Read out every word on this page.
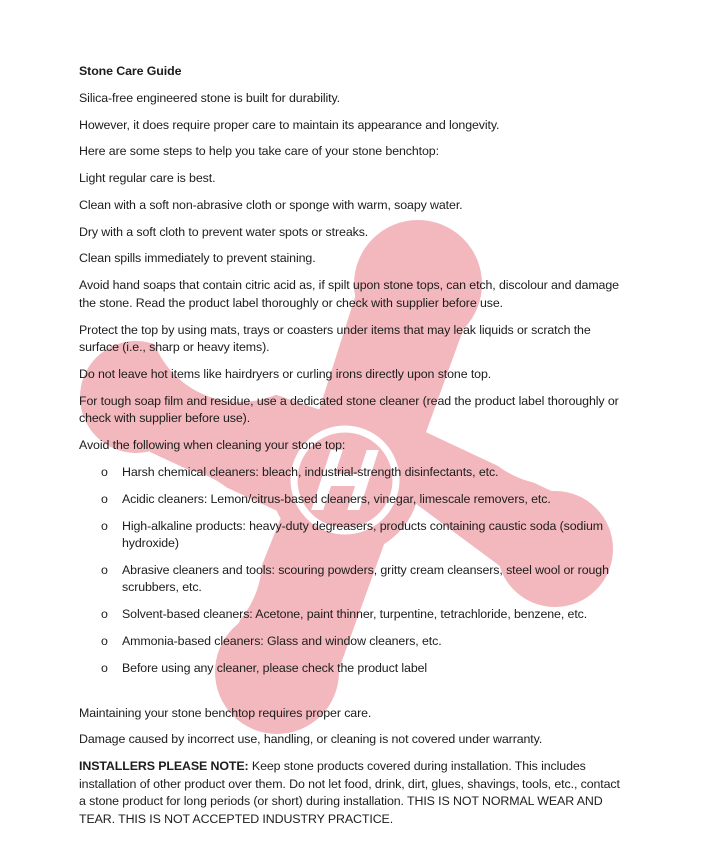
Stone Care Guide

Silica-free engineered stone is built for durability.

However, it does require proper care to maintain its appearance and longevity.

Here are some steps to help you take care of your stone benchtop:

Light regular care is best.

Clean with a soft non-abrasive cloth or sponge with warm, soapy water.

Dry with a soft cloth to prevent water spots or streaks.

Clean spills immediately to prevent staining.

Avoid hand soaps that contain citric acid as, if spilt upon stone tops, can etch, discolour and damage the stone. Read the product label thoroughly or check with supplier before use.

Protect the top by using mats, trays or coasters under items that may leak liquids or scratch the surface (i.e., sharp or heavy items).

Do not leave hot items like hairdryers or curling irons directly upon stone top.

For tough soap film and residue, use a dedicated stone cleaner (read the product label thoroughly or check with supplier before use).

Avoid the following when cleaning your stone top:

o Harsh chemical cleaners: bleach, industrial-strength disinfectants, etc.
o Acidic cleaners: Lemon/citrus-based cleaners, vinegar, limescale removers, etc.
o High-alkaline products: heavy-duty degreasers, products containing caustic soda (sodium hydroxide)
o Abrasive cleaners and tools: scouring powders, gritty cream cleansers, steel wool or rough scrubbers, etc.
o Solvent-based cleaners: Acetone, paint thinner, turpentine, tetrachloride, benzene, etc.
o Ammonia-based cleaners: Glass and window cleaners, etc.
o Before using any cleaner, please check the product label

Maintaining your stone benchtop requires proper care.

Damage caused by incorrect use, handling, or cleaning is not covered under warranty.

INSTALLERS PLEASE NOTE: Keep stone products covered during installation. This includes installation of other product over them. Do not let food, drink, dirt, glues, shavings, tools, etc., contact a stone product for long periods (or short) during installation. THIS IS NOT NORMAL WEAR AND TEAR. THIS IS NOT ACCEPTED INDUSTRY PRACTICE.
